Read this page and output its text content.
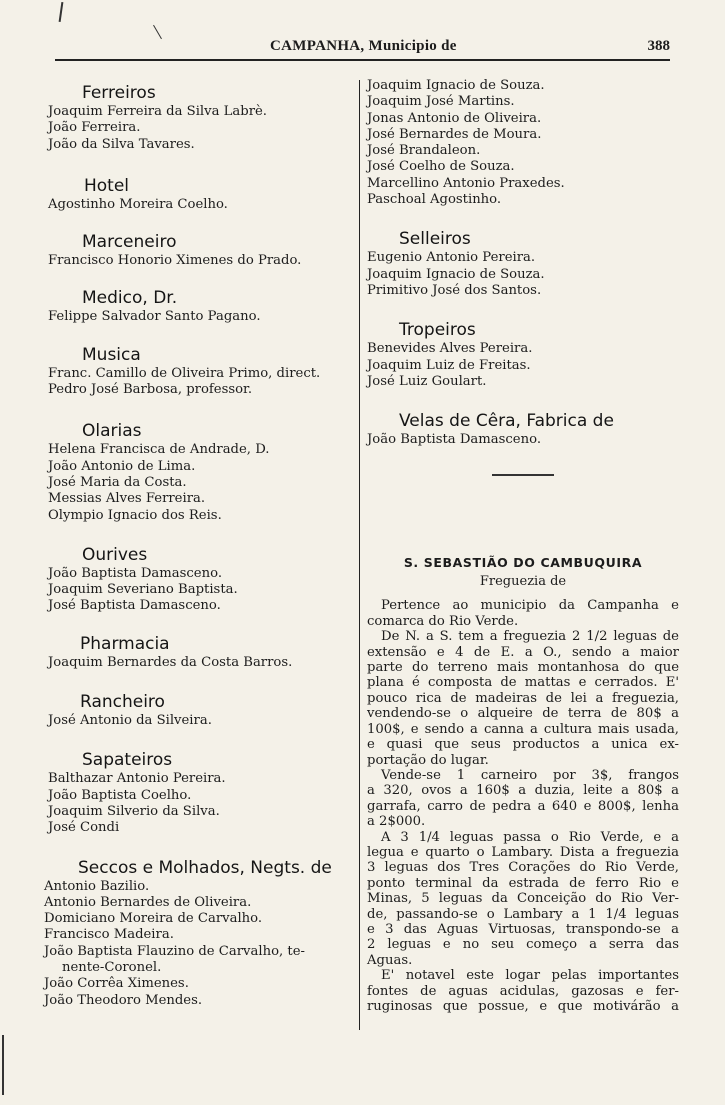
CAMPANHA, Municipio de	388
Ferreiros
Joaquim Ferreira da Silva Labrè.
João Ferreira.
João da Silva Tavares.
Hotel
Agostinho Moreira Coelho.
Marceneiro
Francisco Honorio Ximenes do Prado.
Medico, Dr.
Felippe Salvador Santo Pagano.
Musica
Franc. Camillo de Oliveira Primo, direct.
Pedro José Barbosa, professor.
Olarias
Helena Francisca de Andrade, D.
João Antonio de Lima.
José Maria da Costa.
Messias Alves Ferreira.
Olympio Ignacio dos Reis.
Ourives
João Baptista Damasceno.
Joaquim Severiano Baptista.
José Baptista Damasceno.
Pharmacia
Joaquim Bernardes da Costa Barros.
Rancheiro
José Antonio da Silveira.
Sapateiros
Balthazar Antonio Pereira.
João Baptista Coelho.
Joaquim Silverio da Silva.
José Condi
Seccos e Molhados, Negts. de
Antonio Bazilio.
Antonio Bernardes de Oliveira.
Domiciano Moreira de Carvalho.
Francisco Madeira.
João Baptista Flauzino de Carvalho, te-
nente-Coronel.
João Corrêa Ximenes.
João Theodoro Mendes.
Joaquim Ignacio de Souza.
Joaquim José Martins.
Jonas Antonio de Oliveira.
José Bernardes de Moura.
José Brandaleon.
José Coelho de Souza.
Marcellino Antonio Praxedes.
Paschoal Agostinho.
Selleiros
Eugenio Antonio Pereira.
Joaquim Ignacio de Souza.
Primitivo José dos Santos.
Tropeiros
Benevides Alves Pereira.
Joaquim Luiz de Freitas.
José Luiz Goulart.
Velas de Cêra, Fabrica de
João Baptista Damasceno.
S. SEBASTIÃO DO CAMBUQUIRA
Freguezia de
Pertence ao municipio da Campanha e
comarca do Rio Verde.
De N. a S. tem a freguezia 2 1/2 leguas de
extensão e 4 de E. a O., sendo a maior
parte do terreno mais montanhosa do que
plana é composta de mattas e cerrados. E'
pouco rica de madeiras de lei a freguezia,
vendendo-se o alqueire de terra de 80$ a
100$, e sendo a canna a cultura mais usada,
e quasi que seus productos a unica ex-
portação do lugar.
Vende-se 1 carneiro por 3$, frangos
a 320, ovos a 160$ a duzia, leite a 80$ a
garrafa, carro de pedra a 640 e 800$, lenha
a 2$000.
A 3 1/4 leguas passa o Rio Verde, e a
legua e quarto o Lambary. Dista a freguezia
3 leguas dos Tres Corações do Rio Verde,
ponto terminal da estrada de ferro Rio e
Minas, 5 leguas da Conceição do Rio Ver-
de, passando-se o Lambary a 1 1/4 leguas
e 3 das Aguas Virtuosas, transpondo-se a
2 leguas e no seu começo a serra das
Aguas.
E' notavel este logar pelas importantes
fontes de aguas acidulas, gazosas e fer-
ruginosas que possue, e que motivárão a
